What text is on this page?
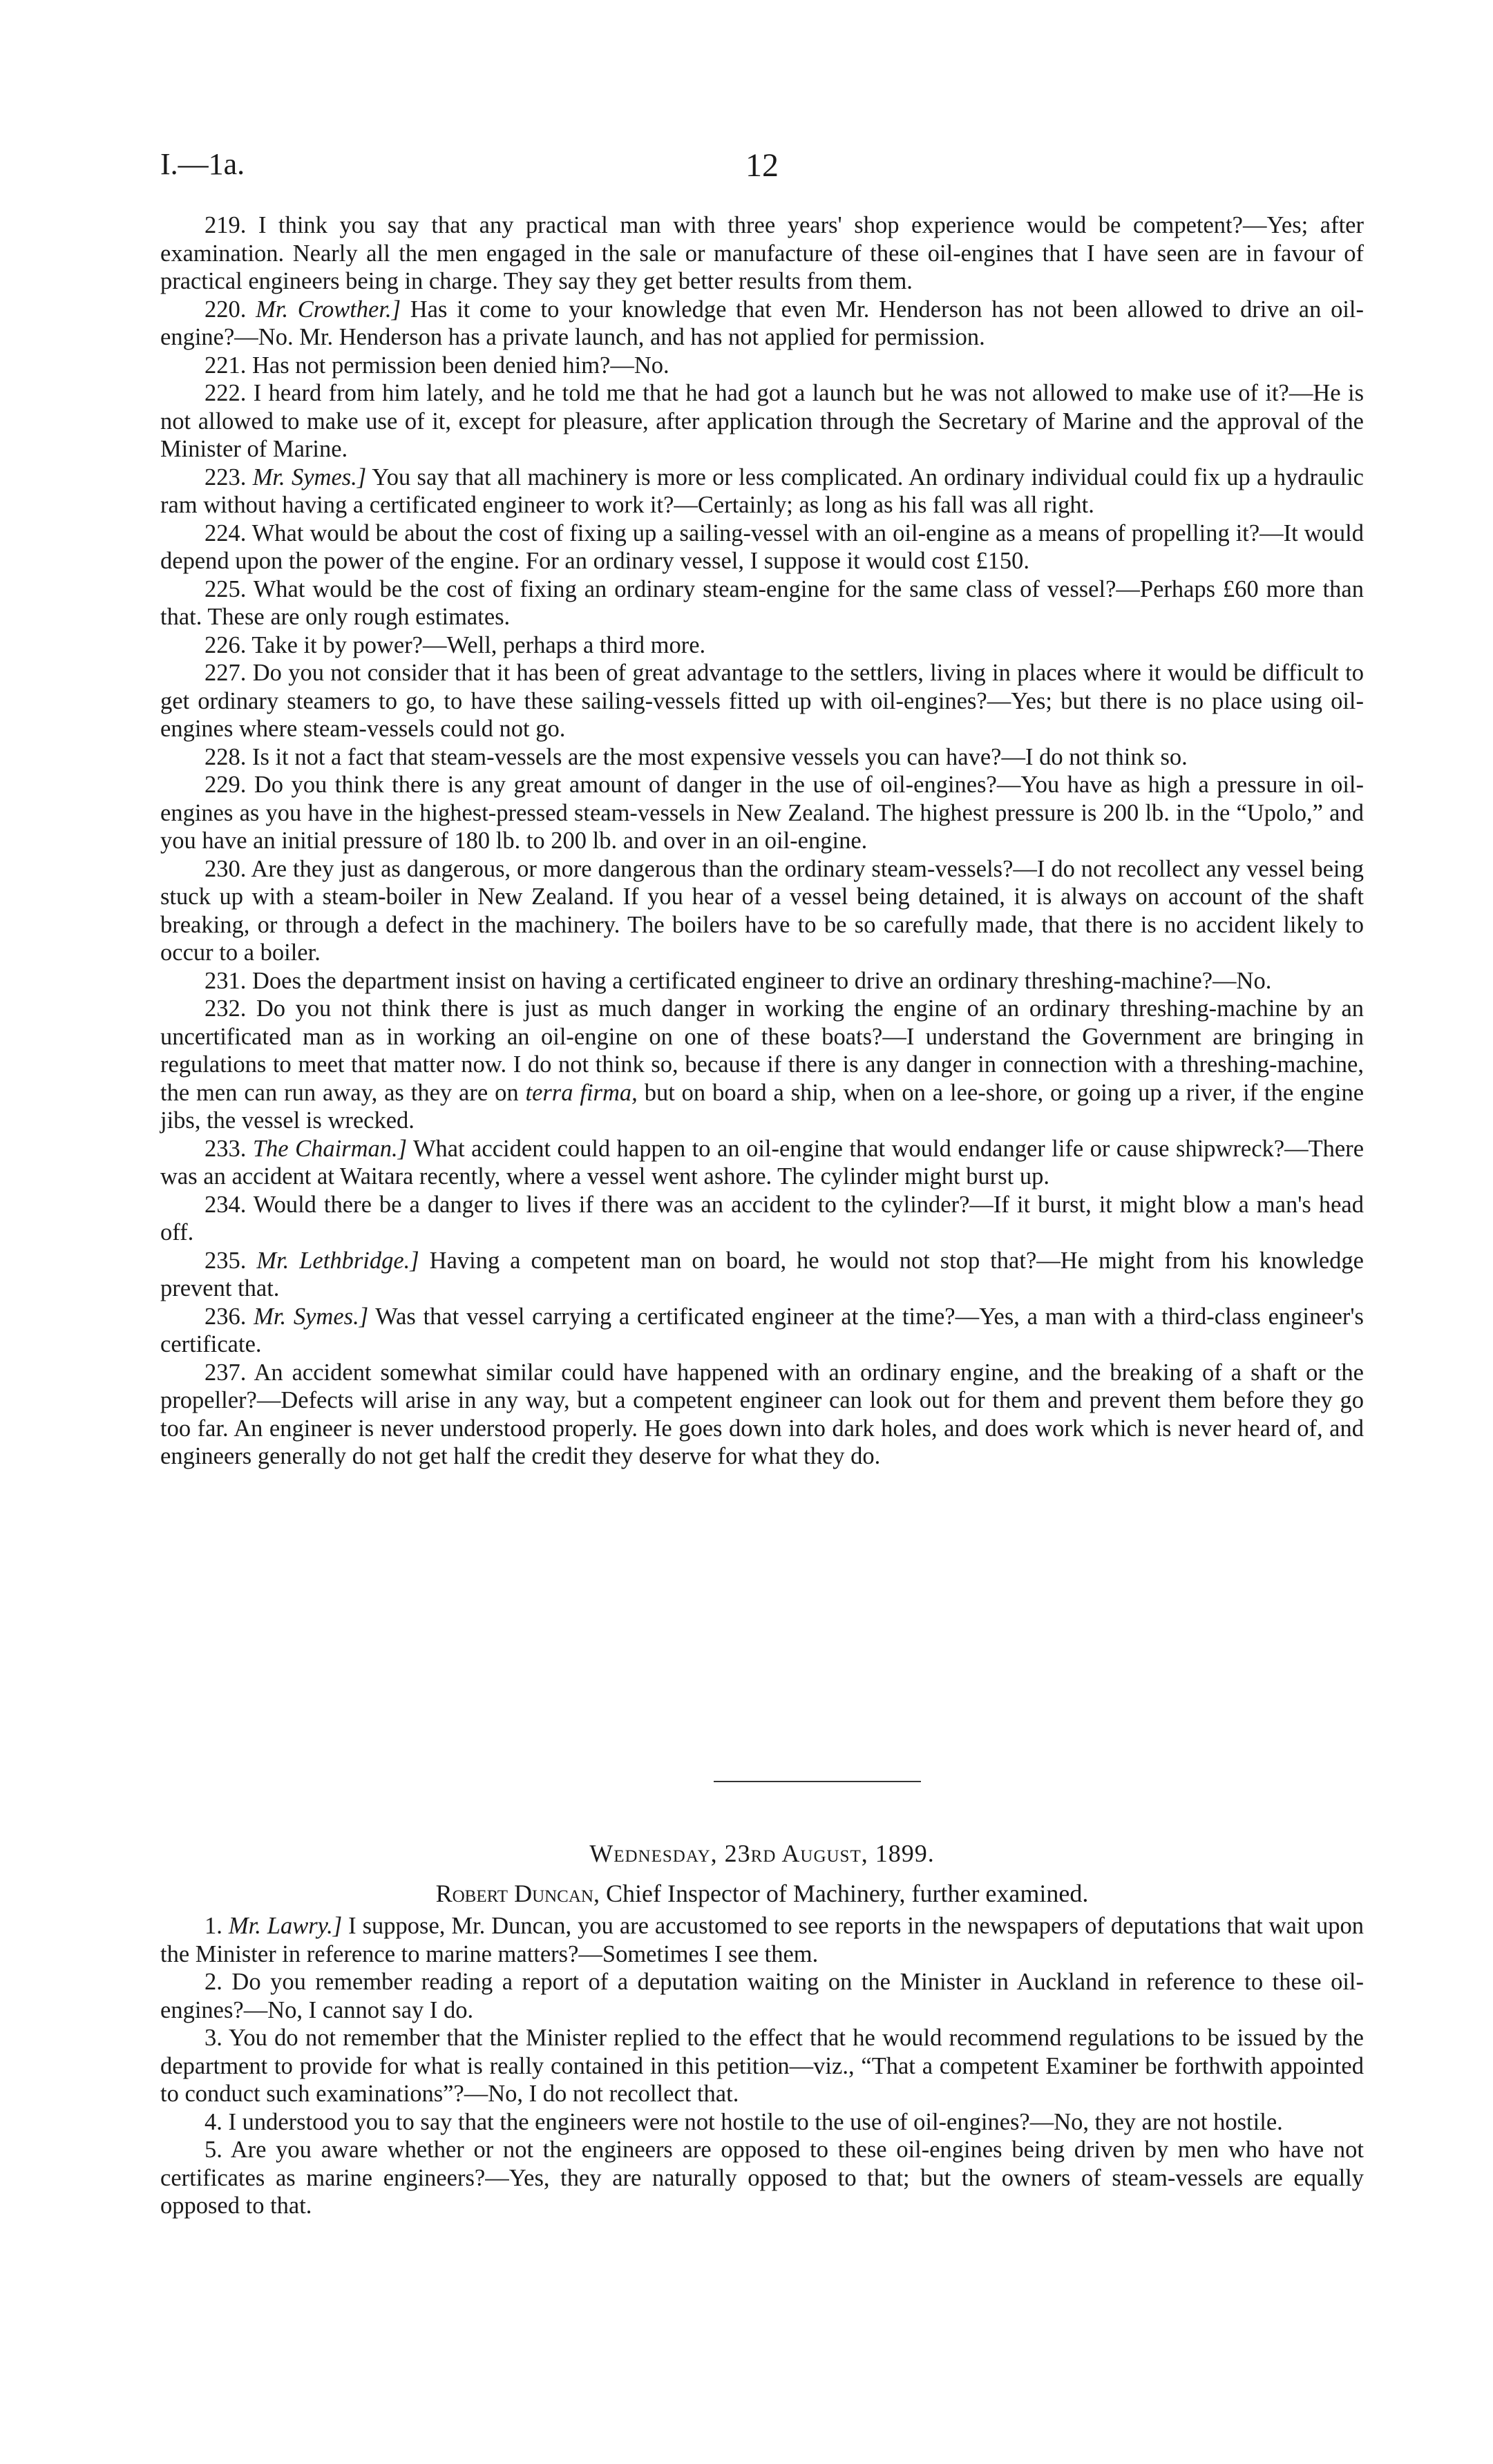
I.—1a.	12

219. I think you say that any practical man with three years' shop experience would be competent?—Yes; after examination. Nearly all the men engaged in the sale or manufacture of these oil-engines that I have seen are in favour of practical engineers being in charge. They say they get better results from them.

220. Mr. Crowther.] Has it come to your knowledge that even Mr. Henderson has not been allowed to drive an oil-engine?—No. Mr. Henderson has a private launch, and has not applied for permission.

221. Has not permission been denied him?—No.

222. I heard from him lately, and he told me that he had got a launch but he was not allowed to make use of it?—He is not allowed to make use of it, except for pleasure, after application through the Secretary of Marine and the approval of the Minister of Marine.

223. Mr. Symes.] You say that all machinery is more or less complicated. An ordinary individual could fix up a hydraulic ram without having a certificated engineer to work it?—Certainly; as long as his fall was all right.

224. What would be about the cost of fixing up a sailing-vessel with an oil-engine as a means of propelling it?—It would depend upon the power of the engine. For an ordinary vessel, I suppose it would cost £150.

225. What would be the cost of fixing an ordinary steam-engine for the same class of vessel?—Perhaps £60 more than that. These are only rough estimates.

226. Take it by power?—Well, perhaps a third more.

227. Do you not consider that it has been of great advantage to the settlers, living in places where it would be difficult to get ordinary steamers to go, to have these sailing-vessels fitted up with oil-engines?—Yes; but there is no place using oil-engines where steam-vessels could not go.

228. Is it not a fact that steam-vessels are the most expensive vessels you can have?—I do not think so.

229. Do you think there is any great amount of danger in the use of oil-engines?—You have as high a pressure in oil-engines as you have in the highest-pressed steam-vessels in New Zealand. The highest pressure is 200 lb. in the “Upolo,” and you have an initial pressure of 180 lb. to 200 lb. and over in an oil-engine.

230. Are they just as dangerous, or more dangerous than the ordinary steam-vessels?—I do not recollect any vessel being stuck up with a steam-boiler in New Zealand. If you hear of a vessel being detained, it is always on account of the shaft breaking, or through a defect in the machinery. The boilers have to be so carefully made, that there is no accident likely to occur to a boiler.

231. Does the department insist on having a certificated engineer to drive an ordinary threshing-machine?—No.

232. Do you not think there is just as much danger in working the engine of an ordinary threshing-machine by an uncertificated man as in working an oil-engine on one of these boats?—I understand the Government are bringing in regulations to meet that matter now. I do not think so, because if there is any danger in connection with a threshing-machine, the men can run away, as they are on terra firma, but on board a ship, when on a lee-shore, or going up a river, if the engine jibs, the vessel is wrecked.

233. The Chairman.] What accident could happen to an oil-engine that would endanger life or cause shipwreck?—There was an accident at Waitara recently, where a vessel went ashore. The cylinder might burst up.

234. Would there be a danger to lives if there was an accident to the cylinder?—If it burst, it might blow a man's head off.

235. Mr. Lethbridge.] Having a competent man on board, he would not stop that?—He might from his knowledge prevent that.

236. Mr. Symes.] Was that vessel carrying a certificated engineer at the time?—Yes, a man with a third-class engineer's certificate.

237. An accident somewhat similar could have happened with an ordinary engine, and the breaking of a shaft or the propeller?—Defects will arise in any way, but a competent engineer can look out for them and prevent them before they go too far. An engineer is never understood properly. He goes down into dark holes, and does work which is never heard of, and engineers generally do not get half the credit they deserve for what they do.

Wednesday, 23rd August, 1899.
Robert Duncan, Chief Inspector of Machinery, further examined.

1. Mr. Lawry.] I suppose, Mr. Duncan, you are accustomed to see reports in the newspapers of deputations that wait upon the Minister in reference to marine matters?—Sometimes I see them.

2. Do you remember reading a report of a deputation waiting on the Minister in Auckland in reference to these oil-engines?—No, I cannot say I do.

3. You do not remember that the Minister replied to the effect that he would recommend regulations to be issued by the department to provide for what is really contained in this petition—viz., “That a competent Examiner be forthwith appointed to conduct such examinations”?—No, I do not recollect that.

4. I understood you to say that the engineers were not hostile to the use of oil-engines?—No, they are not hostile.

5. Are you aware whether or not the engineers are opposed to these oil-engines being driven by men who have not certificates as marine engineers?—Yes, they are naturally opposed to that; but the owners of steam-vessels are equally opposed to that.
